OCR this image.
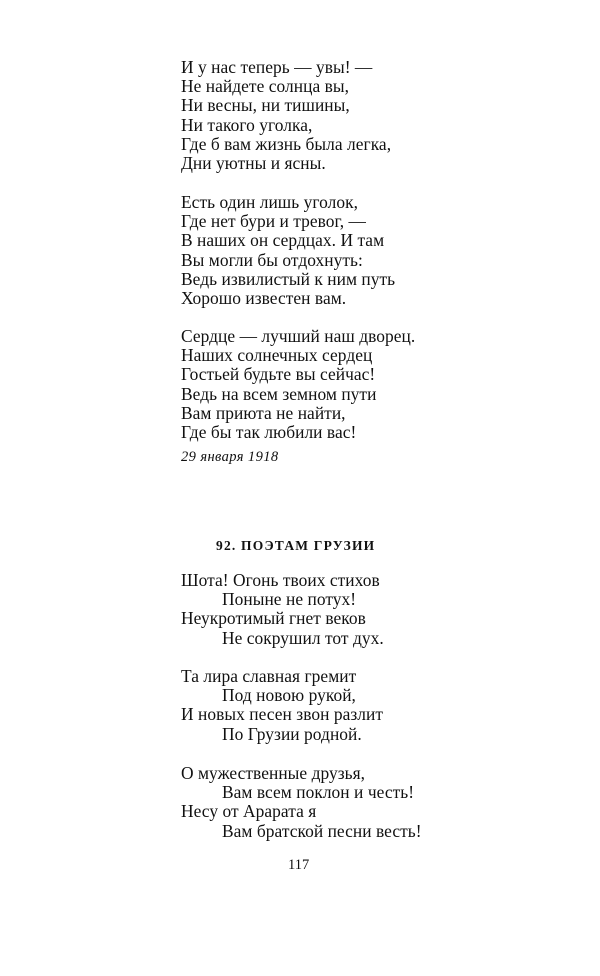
И у нас теперь — увы! —
Не найдете солнца вы,
Ни весны, ни тишины,
Ни такого уголка,
Где б вам жизнь была легка,
Дни уютны и ясны.
Есть один лишь уголок,
Где нет бури и тревог, —
В наших он сердцах. И там
Вы могли бы отдохнуть:
Ведь извилистый к ним путь
Хорошо известен вам.
Сердце — лучший наш дворец.
Наших солнечных сердец
Гостьей будьте вы сейчас!
Ведь на всем земном пути
Вам приюта не найти,
Где бы так любили вас!
29 января 1918
92. ПОЭТАМ ГРУЗИИ
Шота! Огонь твоих стихов
Поныне не потух!
Неукротимый гнет веков
Не сокрушил тот дух.
Та лира славная гремит
Под новою рукой,
И новых песен звон разлит
По Грузии родной.
О мужественные друзья,
Вам всем поклон и честь!
Несу от Арарата я
Вам братской песни весть!
117
